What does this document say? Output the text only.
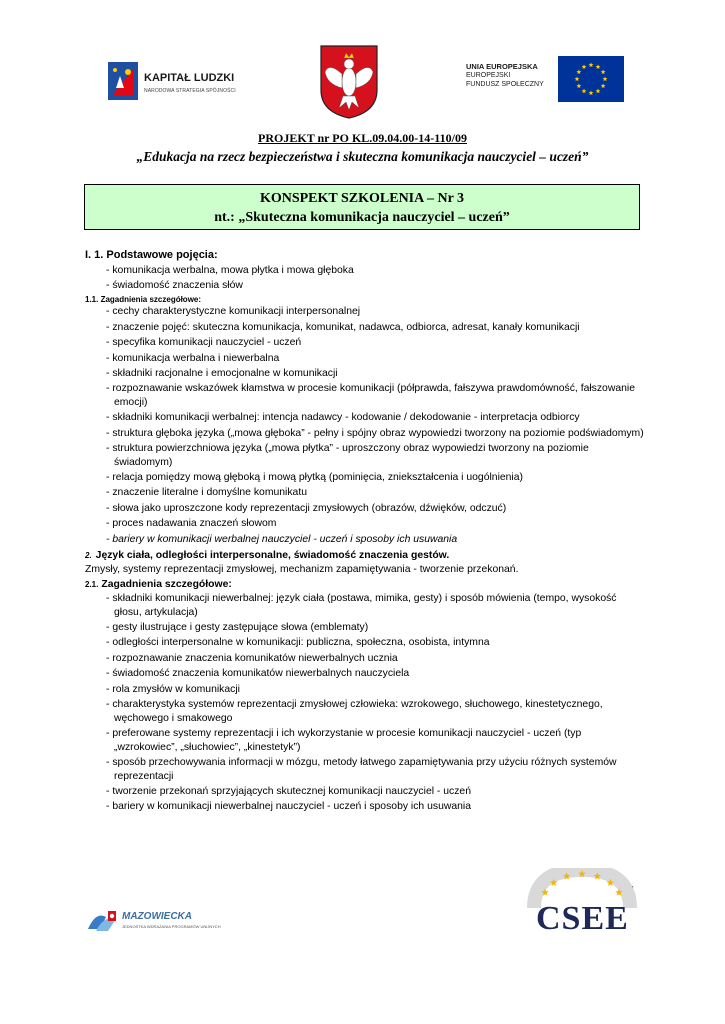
KAPITAŁ LUDZKI
NARODOWA STRATEGIA SPÓJNOŚCI
UNIA EUROPEJSKA
EUROPEJSKI
FUNDUSZ SPOŁECZNY
PROJEKT nr PO KL.09.04.00-14-110/09
„Edukacja na rzecz bezpieczeństwa i skuteczna komunikacja nauczyciel – uczeń”
KONSPEKT SZKOLENIA – Nr 3
nt.: „Skuteczna komunikacja nauczyciel – uczeń”
I. 1. Podstawowe pojęcia:
- komunikacja werbalna, mowa płytka i mowa głęboka
- świadomość znaczenia słów
1.1. Zagadnienia szczegółowe:
- cechy charakterystyczne komunikacji interpersonalnej
- znaczenie pojęć: skuteczna komunikacja, komunikat, nadawca, odbiorca, adresat, kanały komunikacji
- specyfika komunikacji nauczyciel - uczeń
- komunikacja werbalna i niewerbalna
- składniki racjonalne i emocjonalne w komunikacji
- rozpoznawanie wskazówek kłamstwa w procesie komunikacji (półprawda, fałszywa prawdomówność, fałszowanie emocji)
- składniki komunikacji werbalnej: intencja nadawcy - kodowanie / dekodowanie - interpretacja odbiorcy
- struktura głęboka języka („mowa głęboka” - pełny i spójny obraz wypowiedzi tworzony na poziomie podświadomym)
- struktura powierzchniowa języka („mowa płytka” - uproszczony obraz wypowiedzi tworzony na poziomie świadomym)
- relacja pomiędzy mową głęboką i mową płytką (pominięcia, zniekształcenia i uogólnienia)
- znaczenie literalne i domyślne komunikatu
- słowa jako uproszczone kody reprezentacji zmysłowych (obrazów, dźwięków, odczuć)
- proces nadawania znaczeń słowom
- bariery w komunikacji werbalnej nauczyciel - uczeń i sposoby ich usuwania
2. Język ciała, odległości interpersonalne, świadomość znaczenia gestów.
Zmysły, systemy reprezentacji zmysłowej, mechanizm zapamiętywania - tworzenie przekonań.
2.1. Zagadnienia szczegółowe:
- składniki komunikacji niewerbalnej: język ciała (postawa, mimika, gesty) i sposób mówienia (tempo, wysokość głosu, artykulacja)
- gesty ilustrujące i gesty zastępujące słowa (emblematy)
- odległości interpersonalne w komunikacji: publiczna, społeczna, osobista, intymna
- rozpoznawanie znaczenia komunikatów niewerbalnych ucznia
- świadomość znaczenia komunikatów niewerbalnych nauczyciela
- rola zmysłów w komunikacji
- charakterystyka systemów reprezentacji zmysłowej człowieka: wzrokowego, słuchowego, kinestetycznego, węchowego i smakowego
- preferowane systemy reprezentacji i ich wykorzystanie w procesie komunikacji nauczyciel - uczeń (typ „wzrokowiec”, „słuchowiec”, „kinestetyk”)
- sposób przechowywania informacji w mózgu, metody łatwego zapamiętywania przy użyciu różnych systemów reprezentacji
- tworzenie przekonań sprzyjających skutecznej komunikacji nauczyciel - uczeń
- bariery w komunikacji niewerbalnej nauczyciel - uczeń i sposoby ich usuwania
1
MAZOWIECKA
JEDNOSTKA WDRAŻANIA PROGRAMÓW UNIJNYCH	CSEE
